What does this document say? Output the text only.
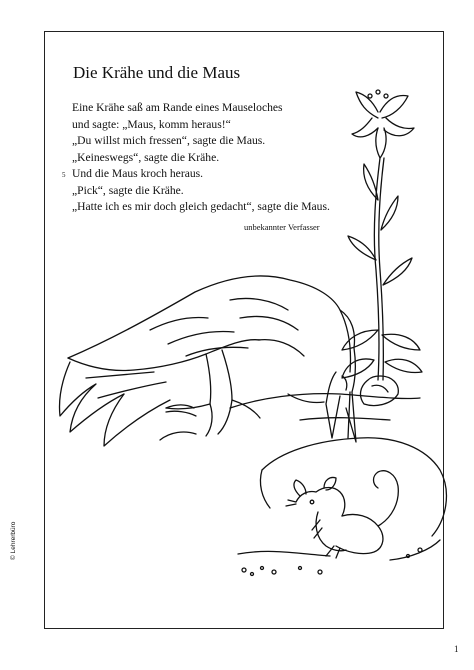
Die Krähe und die Maus
Eine Krähe saß am Rande eines Mauseloches
und sagte: „Maus, komm heraus!“
„Du willst mich fressen“, sagte die Maus.
„Keineswegs“, sagte die Krähe.
Und die Maus kroch heraus.
„Pick“, sagte die Krähe.
„Hatte ich es mir doch gleich gedacht“, sagte die Maus.
5
unbekannter Verfasser
© Lehrerbüro
1
